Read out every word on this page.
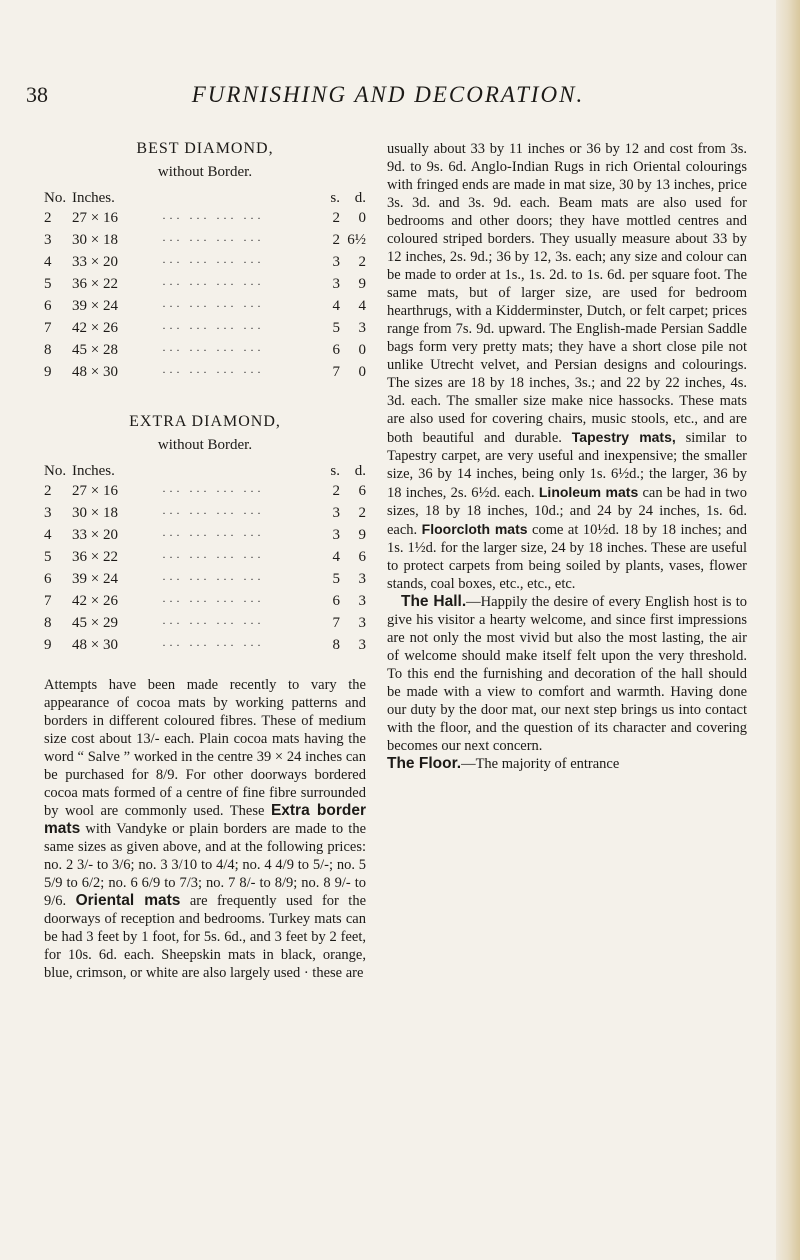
38	FURNISHING AND DECORATION.

BEST DIAMOND,

without Border.

No.	Inches.		s.	d.
2	27 × 16	··· ··· ··· ···	2	0
3	30 × 18	··· ··· ··· ···	2	6½
4	33 × 20	··· ··· ··· ···	3	2
5	36 × 22	··· ··· ··· ···	3	9
6	39 × 24	··· ··· ··· ···	4	4
7	42 × 26	··· ··· ··· ···	5	3
8	45 × 28	··· ··· ··· ···	6	0
9	48 × 30	··· ··· ··· ···	7	0

EXTRA DIAMOND,

without Border.

No.	Inches.		s.	d.
2	27 × 16	··· ··· ··· ···	2	6
3	30 × 18	··· ··· ··· ···	3	2
4	33 × 20	··· ··· ··· ···	3	9
5	36 × 22	··· ··· ··· ···	4	6
6	39 × 24	··· ··· ··· ···	5	3
7	42 × 26	··· ··· ··· ···	6	3
8	45 × 29	··· ··· ··· ···	7	3
9	48 × 30	··· ··· ··· ···	8	3

Attempts have been made recently to vary the appearance of cocoa mats by working patterns and borders in different coloured fibres. These of medium size cost about 13/- each. Plain cocoa mats having the word “ Salve ” worked in the centre 39 × 24 inches can be purchased for 8/9. For other doorways bordered cocoa mats formed of a centre of fine fibre surrounded by wool are commonly used. These Extra border mats with Vandyke or plain borders are made to the same sizes as given above, and at the following prices: no. 2 3/- to 3/6; no. 3 3/10 to 4/4; no. 4 4/9 to 5/-; no. 5 5/9 to 6/2; no. 6 6/9 to 7/3; no. 7 8/- to 8/9; no. 8 9/- to 9/6. Oriental mats are frequently used for the doorways of reception and bedrooms. Turkey mats can be had 3 feet by 1 foot, for 5s. 6d., and 3 feet by 2 feet, for 10s. 6d. each. Sheepskin mats in black, orange, blue, crimson, or white are also largely used · these are

usually about 33 by 11 inches or 36 by 12 and cost from 3s. 9d. to 9s. 6d. Anglo-Indian Rugs in rich Oriental colourings with fringed ends are made in mat size, 30 by 13 inches, price 3s. 3d. and 3s. 9d. each. Beam mats are also used for bedrooms and other doors; they have mottled centres and coloured striped borders. They usually measure about 33 by 12 inches, 2s. 9d.; 36 by 12, 3s. each; any size and colour can be made to order at 1s., 1s. 2d. to 1s. 6d. per square foot. The same mats, but of larger size, are used for bedroom hearthrugs, with a Kidderminster, Dutch, or felt carpet; prices range from 7s. 9d. upward. The English-made Persian Saddle bags form very pretty mats; they have a short close pile not unlike Utrecht velvet, and Persian designs and colourings. The sizes are 18 by 18 inches, 3s.; and 22 by 22 inches, 4s. 3d. each. The smaller size make nice hassocks. These mats are also used for covering chairs, music stools, etc., and are both beautiful and durable. Tapestry mats, similar to Tapestry carpet, are very useful and inexpensive; the smaller size, 36 by 14 inches, being only 1s. 6½d.; the larger, 36 by 18 inches, 2s. 6½d. each. Linoleum mats can be had in two sizes, 18 by 18 inches, 10d.; and 24 by 24 inches, 1s. 6d. each. Floorcloth mats come at 10½d. 18 by 18 inches; and 1s. 1½d. for the larger size, 24 by 18 inches. These are useful to protect carpets from being soiled by plants, vases, flower stands, coal boxes, etc., etc., etc.

The Hall.—Happily the desire of every English host is to give his visitor a hearty welcome, and since first impressions are not only the most vivid but also the most lasting, the air of welcome should make itself felt upon the very threshold. To this end the furnishing and decoration of the hall should be made with a view to comfort and warmth. Having done our duty by the door mat, our next step brings us into contact with the floor, and the question of its character and covering becomes our next concern.

The Floor.—The majority of entrance
